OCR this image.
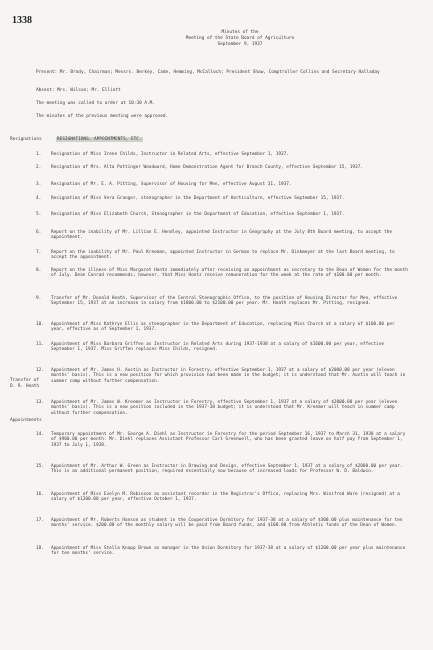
1338
Minutes of the
Meeting of the State Board of Agriculture
September 9, 1937
Present: Mr. Brody, Chairman; Messrs. Berkey, Cade, Hemming, McCalloch; President Shaw, Comptroller Collins and Secretary Halladay
Absent: Mrs. Wilson; Mr. Elliott
The meeting was called to order at 10:30 A.M.
The minutes of the previous meeting were approved.
Resignations	RESIGNATIONS, APPOINTMENTS, ETC.
Transfer of
D. R. Heath
Appointments
1. Resignation of Miss Irene Childs, Instructor in Related Arts, effective September 1, 1937.
2. Resignation of Mrs. Alta Pottinger Woodward, Home Demonstration Agent for Branch County, effective September 15, 1937.
3. Resignation of Mr. E. A. Pitting, Supervisor of Housing for Men, effective August 31, 1937.
4. Resignation of Miss Vera Granger, stenographer in the Department of Horticulture, effective September 15, 1937.
5. Resignation of Miss Elizabeth Church, Stenographer in the Department of Education, effective September 1, 1937.
6. Report on the inability of Mr. Lillian E. Hendley, appointed Instructor in Geography at the July 8th Board meeting, to accept the appointment.
7. Report on the inability of Mr. Paul Kreeman, appointed Instructor in German to replace Mr. Dinkmeyer at the last Board meeting, to accept the appointment.
8. Report on the illness of Miss Margaret Hontz immediately after receiving an appointment as secretary to the Dean of Women for the month of July. Dean Conrad recommends, however, that Miss Hontz receive remuneration for the week at the rate of $100.00 per month.
9. Transfer of Mr. Donald Heath, Supervisor of the Central Stenographic Office, to the position of Housing Director for Men, effective September 15, 1937 at an increase in salary from $1800.00 to $2100.00 per year. Mr. Heath replaces Mr. Pitting, resigned.
10. Appointment of Miss Kathryn Ellis as stenographer in the Department of Education, replacing Miss Church at a salary of $100.00 per year, effective as of September 1, 1937.
11. Appointment of Miss Barbara Griffen as Instructor in Related Arts during 1937-1938 at a salary of $1600.00 per year, effective September 1, 1937. Miss Griffen replaces Miss Childs, resigned.
12. Appointment of Mr. James H. Austin as Instructor in Forestry, effective September 1, 1937 at a salary of $2000.00 per year (eleven months' basis). This is a new position for which provision had been made in the budget; it is understood that Mr. Austin will teach in summer camp without further compensation.
13. Appointment of Mr. James W. Kreemer as Instructor in Forestry, effective September 1, 1937 at a salary of $2000.00 per year (eleven months' basis). This is a new position included in the 1937-38 budget; it is understood that Mr. Kreemer will teach in summer camp without further compensation.
14. Temporary appointment of Mr. George A. Diehl as Instructor in Forestry for the period September 16, 1937 to March 31, 1938 at a salary of $900.00 per month. Mr. Diehl replaces Assistant Professor Carl Greenwell, who has been granted leave on half pay from September 1, 1937 to July 1, 1938.
15. Appointment of Mr. Arthur W. Green as Instructor in Drawing and Design, effective September 1, 1937 at a salary of $2000.00 per year. This is an additional permanent position, required essentially now because of increased loads for Professor W. D. Baldwin.
16. Appointment of Miss Evelyn M. Robinson as assistant recorder in the Registrar's Office, replacing Mrs. Winifred Ware (resigned) at a salary of $1200.00 per year, effective October 1, 1937.
17. Appointment of Mr. Roberts Hanson as student in the Cooperative Dormitory for 1937-38 at a salary of $300.00 plus maintenance for ten months' service. $200.00 of the monthly salary will be paid from Board funds, and $100.00 from Athletic funds of the Dean of Women.
18. Appointment of Miss Stella Knapp Brown as manager in the Union Dormitory for 1937-38 at a salary of $1200.00 per year plus maintenance for ten months' service.
